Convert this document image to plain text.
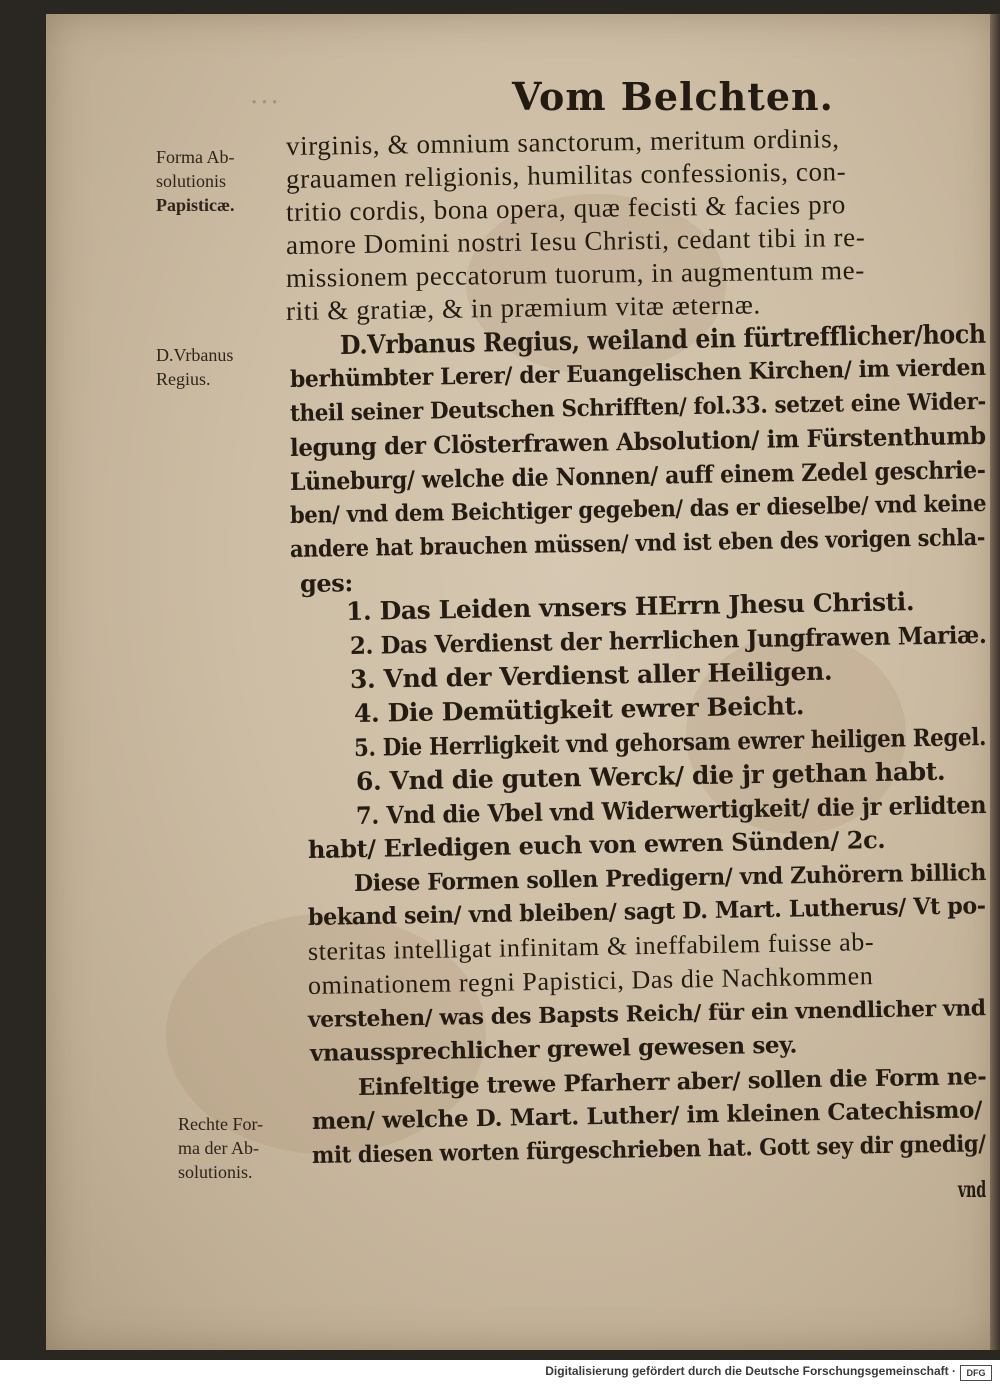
···	Vom Belchten.
Forma Ab-
solutionis
Papisticæ.
D.Vrbanus
Regius.
Rechte For-
ma der Ab-
solutionis.
virginis, & omnium sanctorum, meritum ordinis,
grauamen religionis, humilitas confessionis, con-
tritio cordis, bona opera, quæ fecisti & facies pro
amore Domini nostri Iesu Christi, cedant tibi in re-
missionem peccatorum tuorum, in augmentum me-
riti & gratiæ, & in præmium vitæ æternæ.
D.Vrbanus Regius, weiland ein fürtrefflicher/hoch
berhümbter Lerer/ der Euangelischen Kirchen/ im vierden
theil seiner Deutschen Schrifften/ fol.33. setzet eine Wider-
legung der Clösterfrawen Absolution/ im Fürstenthumb
Lüneburg/ welche die Nonnen/ auff einem Zedel geschrie-
ben/ vnd dem Beichtiger gegeben/ das er dieselbe/ vnd keine
andere hat brauchen müssen/ vnd ist eben des vorigen schla-
ges:
1. Das Leiden vnsers HErrn Jhesu Christi.
2. Das Verdienst der herrlichen Jungfrawen Mariæ.
3. Vnd der Verdienst aller Heiligen.
4. Die Demütigkeit ewrer Beicht.
5. Die Herrligkeit vnd gehorsam ewrer heiligen Regel.
6. Vnd die guten Werck/ die jr gethan habt.
7. Vnd die Vbel vnd Widerwertigkeit/ die jr erlidten
habt/ Erledigen euch von ewren Sünden/ 2c.
Diese Formen sollen Predigern/ vnd Zuhörern billich
bekand sein/ vnd bleiben/ sagt D. Mart. Lutherus/ Vt po-
steritas intelligat infinitam & ineffabilem fuisse ab-
ominationem regni Papistici, Das die Nachkommen
verstehen/ was des Bapsts Reich/ für ein vnendlicher vnd
vnaussprechlicher grewel gewesen sey.
Einfeltige trewe Pfarherr aber/ sollen die Form ne-
men/ welche D. Mart. Luther/ im kleinen Catechismo/
mit diesen worten fürgeschrieben hat. Gott sey dir gnedig/
vnd
Digitalisierung gefördert durch die Deutsche Forschungsgemeinschaft ·	DFG
